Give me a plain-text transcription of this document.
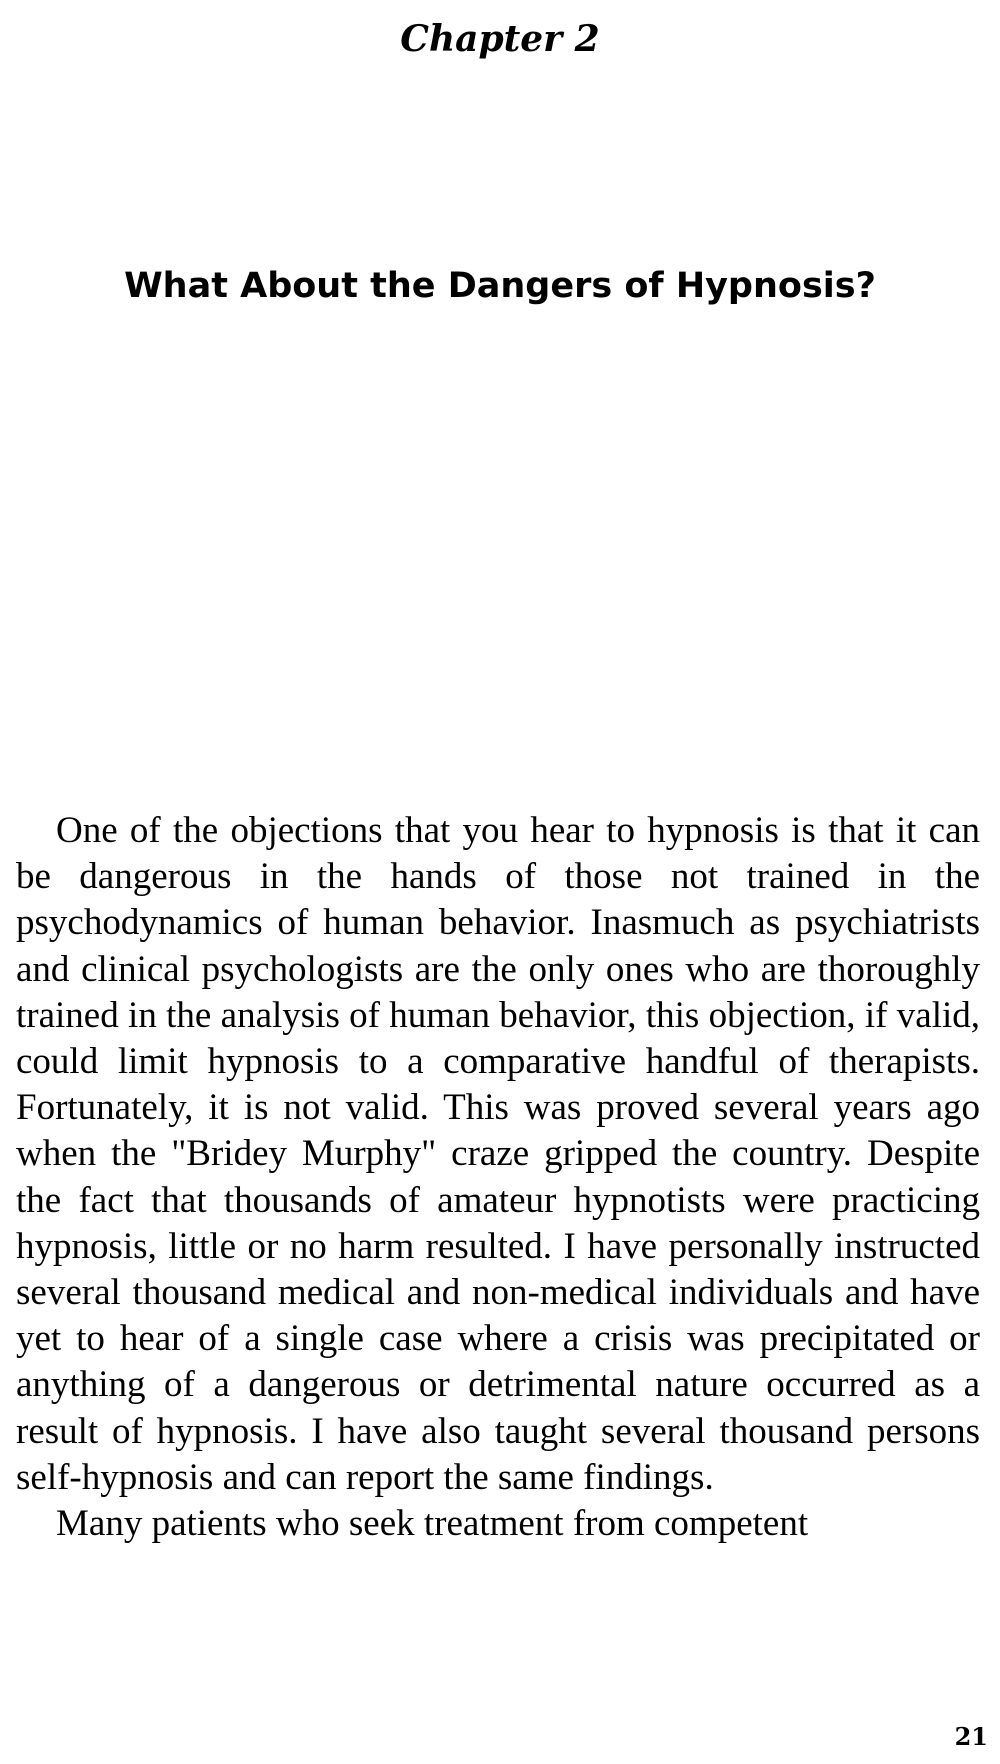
Chapter 2
What About the Dangers of Hypnosis?

One of the objections that you hear to hypnosis is that it can be dangerous in the hands of those not trained in the psychodynamics of human behavior. Inasmuch as psychiatrists and clinical psychologists are the only ones who are thoroughly trained in the analysis of human behavior, this objection, if valid, could limit hypnosis to a comparative handful of therapists. Fortunately, it is not valid. This was proved several years ago when the "Bridey Murphy" craze gripped the country. Despite the fact that thousands of amateur hypnotists were practicing hypnosis, little or no harm resulted. I have personally instructed several thousand medical and non-medical individuals and have yet to hear of a single case where a crisis was precipitated or anything of a dangerous or detrimental nature occurred as a result of hypnosis. I have also taught several thousand persons self-hypnosis and can report the same findings.

Many patients who seek treatment from competent

21
